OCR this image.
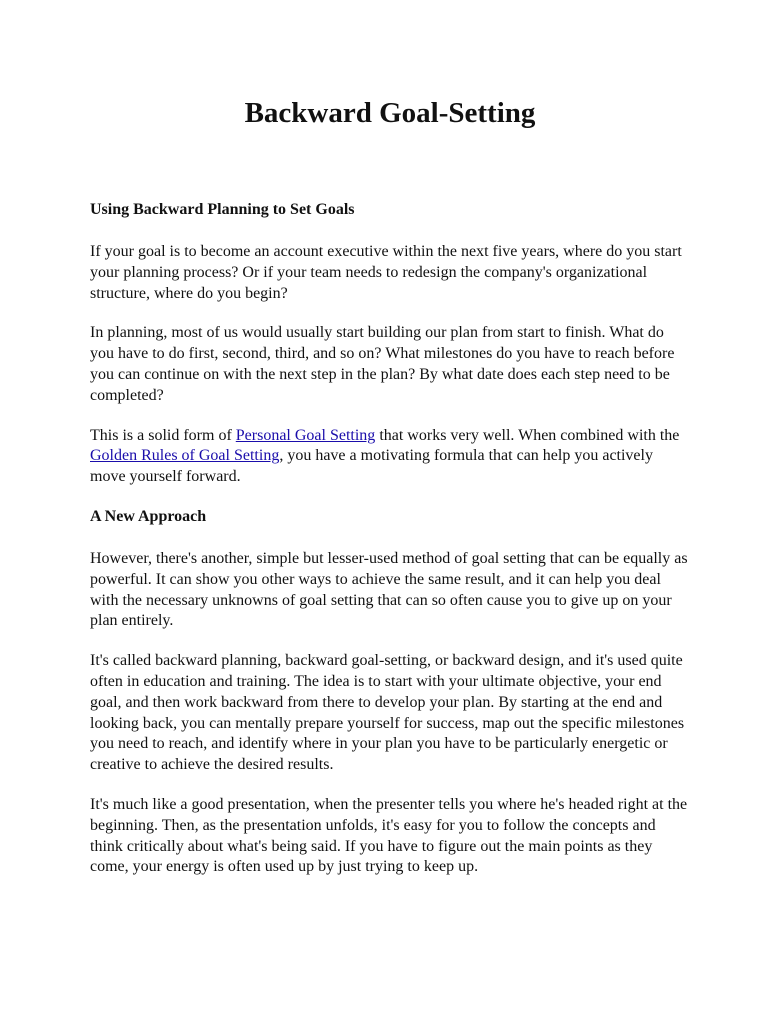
Backward Goal-Setting
Using Backward Planning to Set Goals

If your goal is to become an account executive within the next five years, where do you start your planning process? Or if your team needs to redesign the company's organizational structure, where do you begin?

In planning, most of us would usually start building our plan from start to finish. What do you have to do first, second, third, and so on? What milestones do you have to reach before you can continue on with the next step in the plan? By what date does each step need to be completed?

This is a solid form of Personal Goal Setting that works very well. When combined with the Golden Rules of Goal Setting, you have a motivating formula that can help you actively move yourself forward.

A New Approach

However, there's another, simple but lesser-used method of goal setting that can be equally as powerful. It can show you other ways to achieve the same result, and it can help you deal with the necessary unknowns of goal setting that can so often cause you to give up on your plan entirely.

It's called backward planning, backward goal-setting, or backward design, and it's used quite often in education and training. The idea is to start with your ultimate objective, your end goal, and then work backward from there to develop your plan. By starting at the end and looking back, you can mentally prepare yourself for success, map out the specific milestones you need to reach, and identify where in your plan you have to be particularly energetic or creative to achieve the desired results.

It's much like a good presentation, when the presenter tells you where he's headed right at the beginning. Then, as the presentation unfolds, it's easy for you to follow the concepts and think critically about what's being said. If you have to figure out the main points as they come, your energy is often used up by just trying to keep up.
